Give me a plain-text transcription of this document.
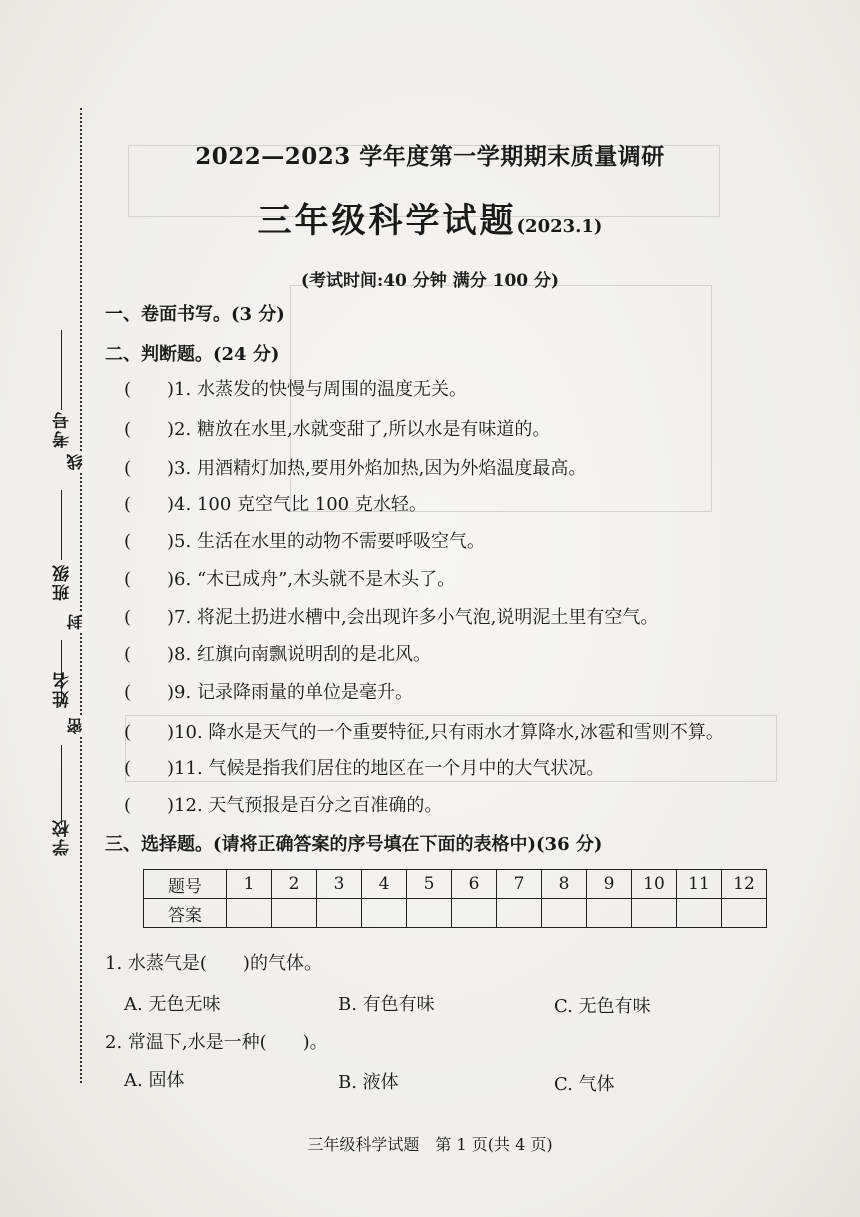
考号
线
班级
封
姓名
密
学校
2022—2023 学年度第一学期期末质量调研
三年级科学试题(2023.1)
(考试时间:40 分钟 满分 100 分)
一、卷面书写。(3 分)
二、判断题。(24 分)
(　　)1. 水蒸发的快慢与周围的温度无关。
(　　)2. 糖放在水里,水就变甜了,所以水是有味道的。
(　　)3. 用酒精灯加热,要用外焰加热,因为外焰温度最高。
(　　)4. 100 克空气比 100 克水轻。
(　　)5. 生活在水里的动物不需要呼吸空气。
(　　)6. “木已成舟”,木头就不是木头了。
(　　)7. 将泥土扔进水槽中,会出现许多小气泡,说明泥土里有空气。
(　　)8. 红旗向南飘说明刮的是北风。
(　　)9. 记录降雨量的单位是毫升。
(　　)10. 降水是天气的一个重要特征,只有雨水才算降水,冰雹和雪则不算。
(　　)11. 气候是指我们居住的地区在一个月中的大气状况。
(　　)12. 天气预报是百分之百准确的。
三、选择题。(请将正确答案的序号填在下面的表格中)(36 分)
题号	1	2	3	4	5	6	7	8	9	10	11	12
答案												
1. 水蒸气是(　　)的气体。
A. 无色无味	B. 有色有味	C. 无色有味
2. 常温下,水是一种(　　)。
A. 固体	B. 液体	C. 气体
三年级科学试题　第 1 页(共 4 页)
